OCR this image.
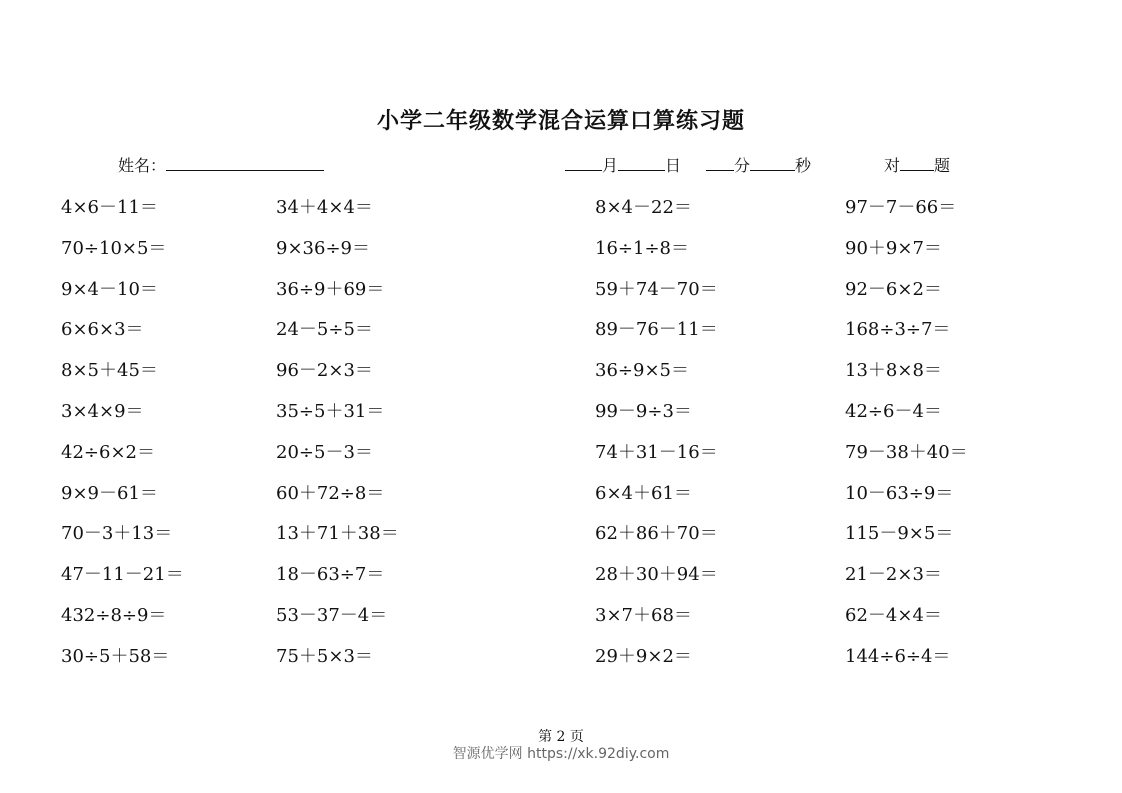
小学二年级数学混合运算口算练习题
姓名：	月	日	分	秒	对 题
4×6－11＝	34＋4×4＝	8×4－22＝	97－7－66＝
70÷10×5＝	9×36÷9＝	16÷1÷8＝	90＋9×7＝
9×4－10＝	36÷9＋69＝	59＋74－70＝	92－6×2＝
6×6×3＝	24－5÷5＝	89－76－11＝	168÷3÷7＝
8×5＋45＝	96－2×3＝	36÷9×5＝	13＋8×8＝
3×4×9＝	35÷5＋31＝	99－9÷3＝	42÷6－4＝
42÷6×2＝	20÷5－3＝	74＋31－16＝	79－38＋40＝
9×9－61＝	60＋72÷8＝	6×4＋61＝	10－63÷9＝
70－3＋13＝	13＋71＋38＝	62＋86＋70＝	115－9×5＝
47－11－21＝	18－63÷7＝	28＋30＋94＝	21－2×3＝
432÷8÷9＝	53－37－4＝	3×7＋68＝	62－4×4＝
30÷5＋58＝	75＋5×3＝	29＋9×2＝	144÷6÷4＝
第 2 页
智源优学网 https://xk.92diy.com
